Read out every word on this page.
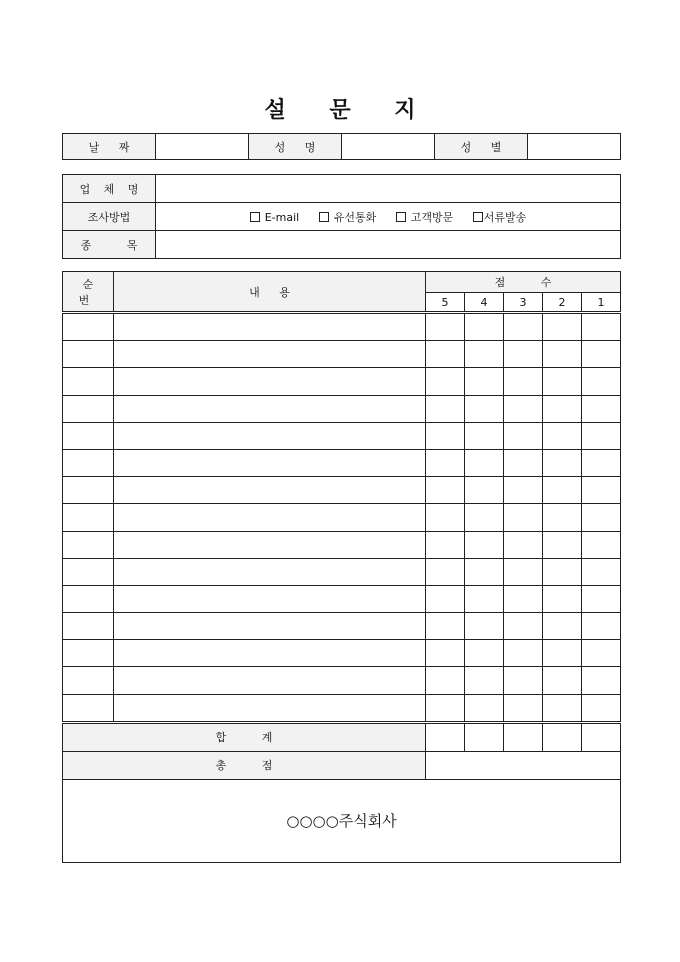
설 문 지
날 짜		성 명		성 별	
업 체 명	
조사방법	E-mail 유선통화 고객방문 서류발송
종 목	
순 번	내 용	점 수				
		5	4	3	2	1

합 계						
총 점						
○○○○주식회사						
